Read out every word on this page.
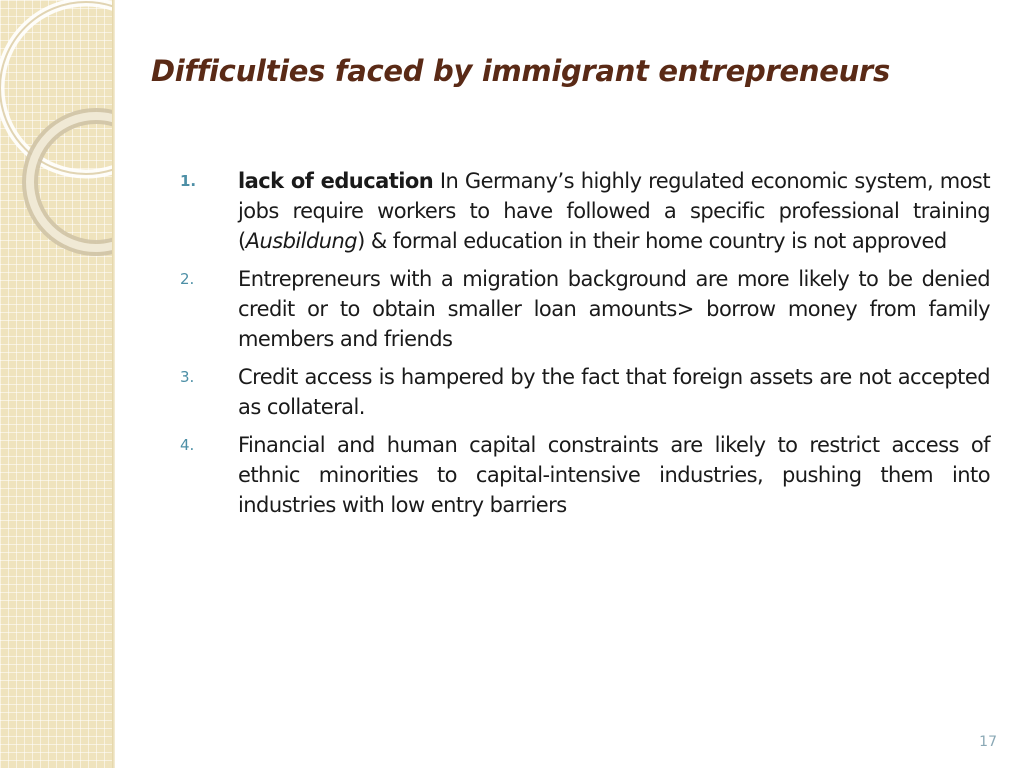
Difficulties faced by immigrant entrepreneurs
1.	lack of education In Germany’s highly regulated economic system, most jobs require workers to have followed a specific professional training (Ausbildung) & formal education in their home country is not approved
2.	Entrepreneurs with a migration background are more likely to be denied credit or to obtain smaller loan amounts> borrow money from family members and friends
3.	Credit access is hampered by the fact that foreign assets are not accepted as collateral.
4.	Financial and human capital constraints are likely to restrict access of ethnic minorities to capital-intensive industries, pushing them into industries with low entry barriers
17
